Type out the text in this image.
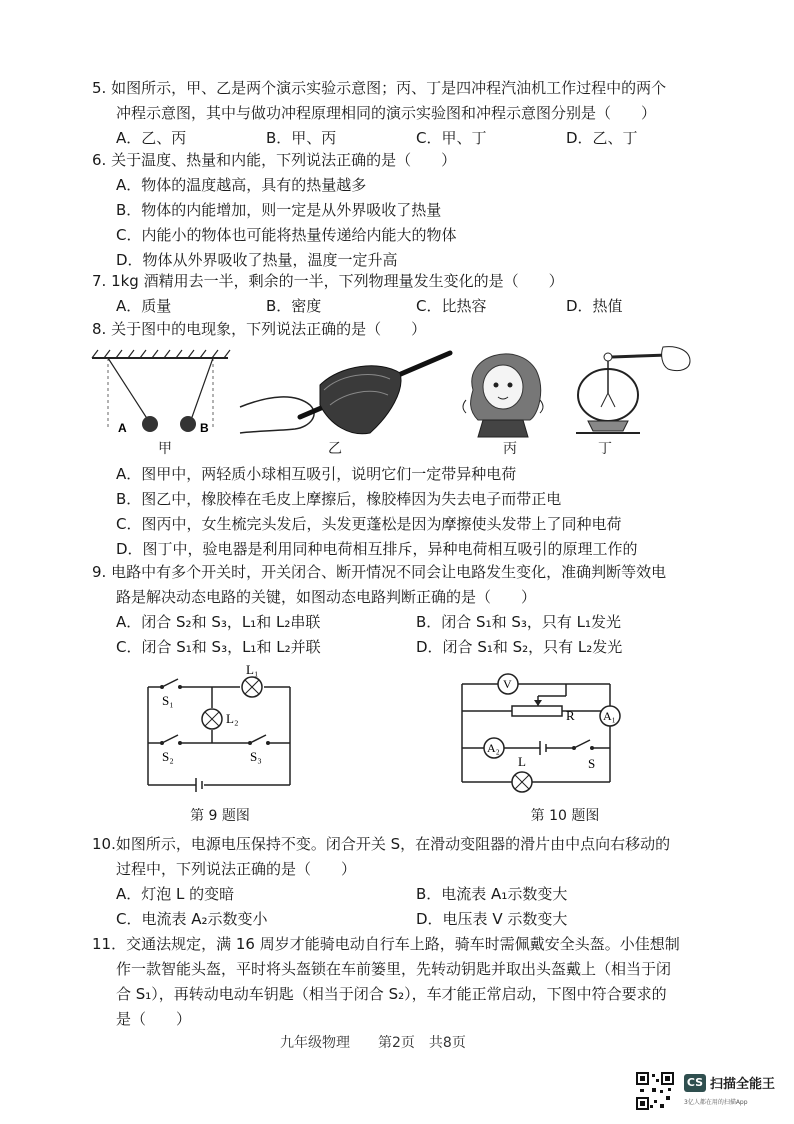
5. 如图所示，甲、乙是两个演示实验示意图；丙、丁是四冲程汽油机工作过程中的两个
冲程示意图，其中与做功冲程原理相同的演示实验图和冲程示意图分别是（　　）
A．乙、丙	B．甲、丙	C．甲、丁	D．乙、丁
6. 关于温度、热量和内能，下列说法正确的是（　　）
A．物体的温度越高，具有的热量越多
B．物体的内能增加，则一定是从外界吸收了热量
C．内能小的物体也可能将热量传递给内能大的物体
D．物体从外界吸收了热量，温度一定升高
7. 1kg 酒精用去一半，剩余的一半，下列物理量发生变化的是（　　）
A．质量	B．密度	C．比热容	D．热值
8. 关于图中的电现象，下列说法正确的是（　　）
A	B
甲	乙	丙	丁
A．图甲中，两轻质小球相互吸引，说明它们一定带异种电荷
B．图乙中，橡胶棒在毛皮上摩擦后，橡胶棒因为失去电子而带正电
C．图丙中，女生梳完头发后，头发更蓬松是因为摩擦使头发带上了同种电荷
D．图丁中，验电器是利用同种电荷相互排斥，异种电荷相互吸引的原理工作的
9. 电路中有多个开关时，开关闭合、断开情况不同会让电路发生变化，准确判断等效电
路是解决动态电路的关键，如图动态电路判断正确的是（　　）
A．闭合 S₂和 S₃，L₁和 L₂串联	B．闭合 S₁和 S₃，只有 L₁发光
C．闭合 S₁和 S₃，L₁和 L₂并联	D．闭合 S₁和 S₂，只有 L₂发光
S₁
S₂	S₃
L₁
L₂
第 9 题图
V
R A₁
A₂
L	S
第 10 题图
10.如图所示，电源电压保持不变。闭合开关 S，在滑动变阻器的滑片由中点向右移动的
过程中，下列说法正确的是（　　）
A．灯泡 L 的变暗	B．电流表 A₁示数变大
C．电流表 A₂示数变小	D．电压表 V 示数变大
11．交通法规定，满 16 周岁才能骑电动自行车上路，骑车时需佩戴安全头盔。小佳想制
作一款智能头盔，平时将头盔锁在车前篓里，先转动钥匙并取出头盔戴上（相当于闭
合 S₁），再转动电动车钥匙（相当于闭合 S₂），车才能正常启动，下图中符合要求的
是（　　）
九年级物理　　第2页　共8页
CS 扫描全能王
3亿人都在用的扫描App
